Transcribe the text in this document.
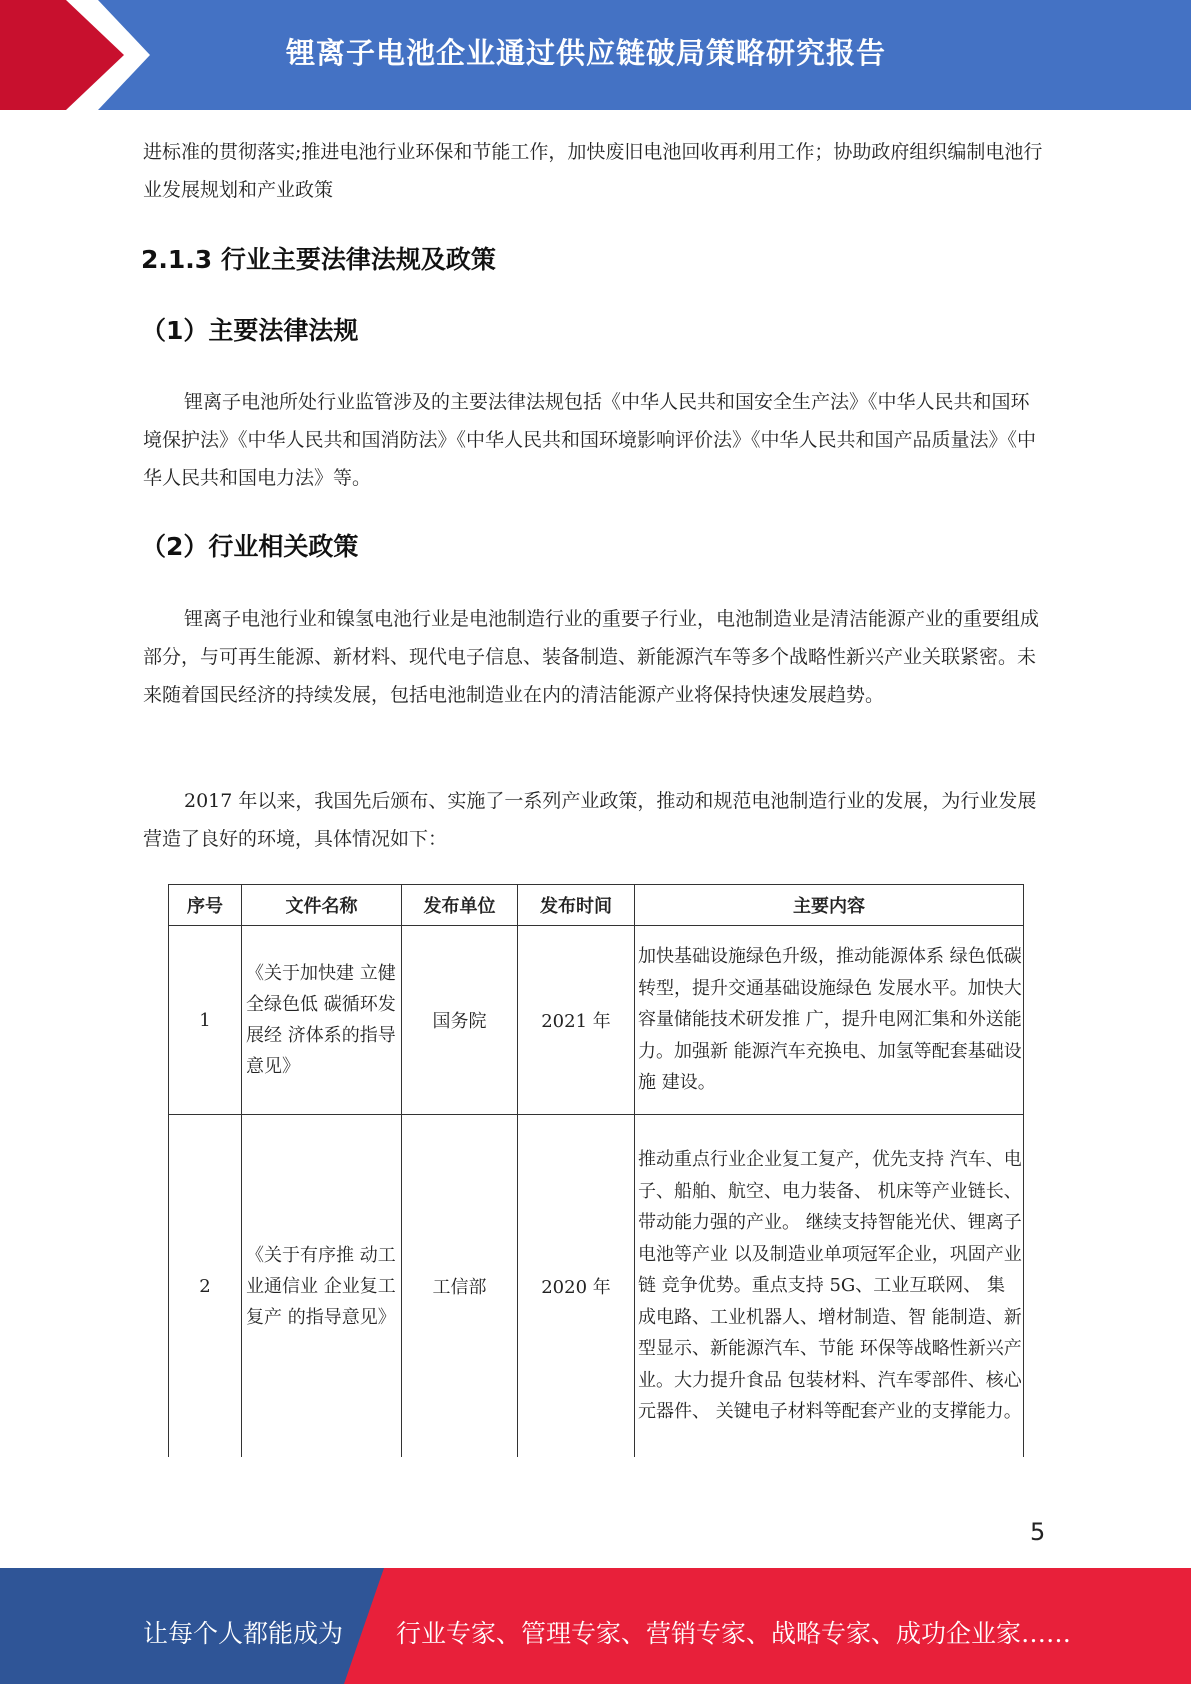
锂离子电池企业通过供应链破局策略研究报告

进标准的贯彻落实;推进电池行业环保和节能工作，加快废旧电池回收再利用工作；协助政府组织编制电池行业发展规划和产业政策

2.1.3 行业主要法律法规及政策
（1）主要法律法规

锂离子电池所处行业监管涉及的主要法律法规包括《中华人民共和国安全生产法》《中华人民共和国环境保护法》《中华人民共和国消防法》《中华人民共和国环境影响评价法》《中华人民共和国产品质量法》《中华人民共和国电力法》等。

（2）行业相关政策

锂离子电池行业和镍氢电池行业是电池制造行业的重要子行业，电池制造业是清洁能源产业的重要组成部分，与可再生能源、新材料、现代电子信息、装备制造、新能源汽车等多个战略性新兴产业关联紧密。未来随着国民经济的持续发展，包括电池制造业在内的清洁能源产业将保持快速发展趋势。

2017 年以来，我国先后颁布、实施了一系列产业政策，推动和规范电池制造行业的发展，为行业发展营造了良好的环境，具体情况如下：

序号	文件名称	发布单位	发布时间	主要内容
1	《关于加快建 立健全绿色低 碳循环发展经 济体系的指导 意见》	国务院	2021 年	加快基础设施绿色升级，推动能源体系 绿色低碳转型，提升交通基础设施绿色 发展水平。加快大容量储能技术研发推 广，提升电网汇集和外送能力。加强新 能源汽车充换电、加氢等配套基础设施 建设。
2	《关于有序推 动工业通信业 企业复工复产 的指导意见》	工信部	2020 年	推动重点行业企业复工复产，优先支持 汽车、电子、船舶、航空、电力装备、 机床等产业链长、带动能力强的产业。 继续支持智能光伏、锂离子电池等产业 以及制造业单项冠军企业，巩固产业链 竞争优势。重点支持 5G、工业互联网、 集成电路、工业机器人、增材制造、智 能制造、新型显示、新能源汽车、节能 环保等战略性新兴产业。大力提升食品 包装材料、汽车零部件、核心元器件、 关键电子材料等配套产业的支撑能力。
5
让每个人都能成为 行业专家、管理专家、营销专家、战略专家、成功企业家……
